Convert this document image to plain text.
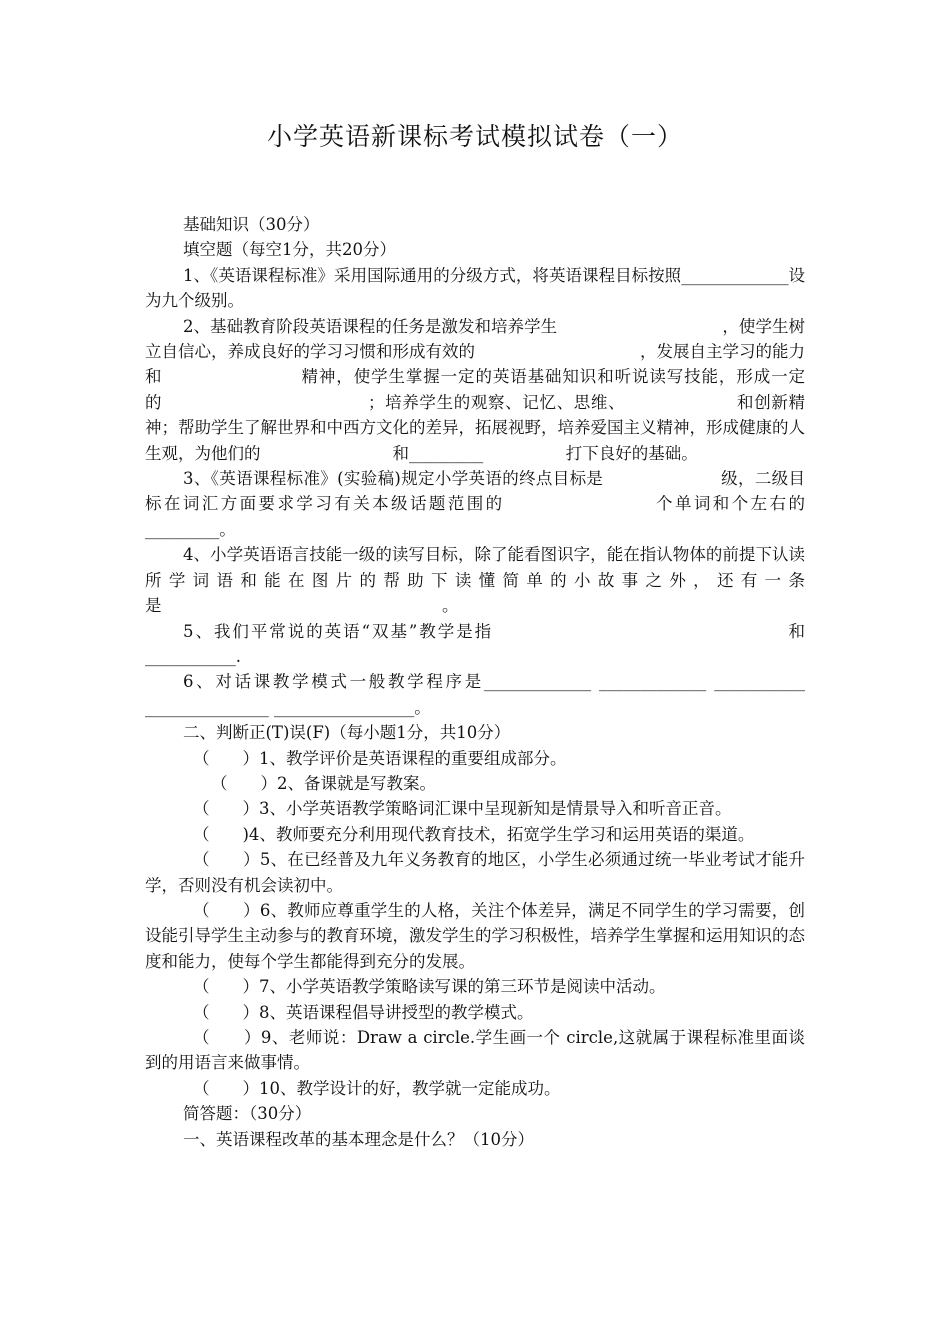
小学英语新课标考试模拟试卷（一）

基础知识（30分）

填空题（每空1分，共20分）

1、《英语课程标准》采用国际通用的分级方式，将英语课程目标按照_____________设为九个级别。

2、基础教育阶段英语课程的任务是激发和培养学生　　　　　　　　　　，使学生树立自信心，养成良好的学习习惯和形成有效的　　　　　　　　　　，发展自主学习的能力和　　　　　　　　精神，使学生掌握一定的英语基础知识和听说读写技能，形成一定的　　　　　　　　　　　　；培养学生的观察、记忆、思维、　　　　　　　和创新精神；帮助学生了解世界和中西方文化的差异，拓展视野，培养爱国主义精神，形成健康的人生观，为他们的　　　　　　　　和_________　　　　　打下良好的基础。

3、《英语课程标准》(实验稿)规定小学英语的终点目标是　　　　　　　级，二级目标在词汇方面要求学习有关本级话题范围的　　　　　　　　个单词和个左右的_________。

4、小学英语语言技能一级的读写目标，除了能看图识字，能在指认物体的前提下认读所学词语和能在图片的帮助下读懂简单的小故事之外，还有一条是　　　　　　　　　　　　　　　　　。

5、我们平常说的英语“双基”教学是指　　　　　　　　　　　　　　　　和 ___________.

6、对话课教学模式一般教学程序是_____________ _____________ ___________ _______________ _________________。

二、判断正(T)误(F)（每小题1分，共10分）

（　　）1、教学评价是英语课程的重要组成部分。

（　　）2、备课就是写教案。

（　　）3、小学英语教学策略词汇课中呈现新知是情景导入和听音正音。

（　　)4、教师要充分利用现代教育技术，拓宽学生学习和运用英语的渠道。

（　　）5、在已经普及九年义务教育的地区，小学生必须通过统一毕业考试才能升学，否则没有机会读初中。

（　　）6、教师应尊重学生的人格，关注个体差异，满足不同学生的学习需要，创设能引导学生主动参与的教育环境，激发学生的学习积极性，培养学生掌握和运用知识的态度和能力，使每个学生都能得到充分的发展。

（　　）7、小学英语教学策略读写课的第三环节是阅读中活动。

（　　）8、英语课程倡导讲授型的教学模式。

（　　）9、老师说：Draw a circle.学生画一个 circle,这就属于课程标准里面谈到的用语言来做事情。

（　　）10、教学设计的好，教学就一定能成功。

简答题：（30分）

一、英语课程改革的基本理念是什么？（10分）
